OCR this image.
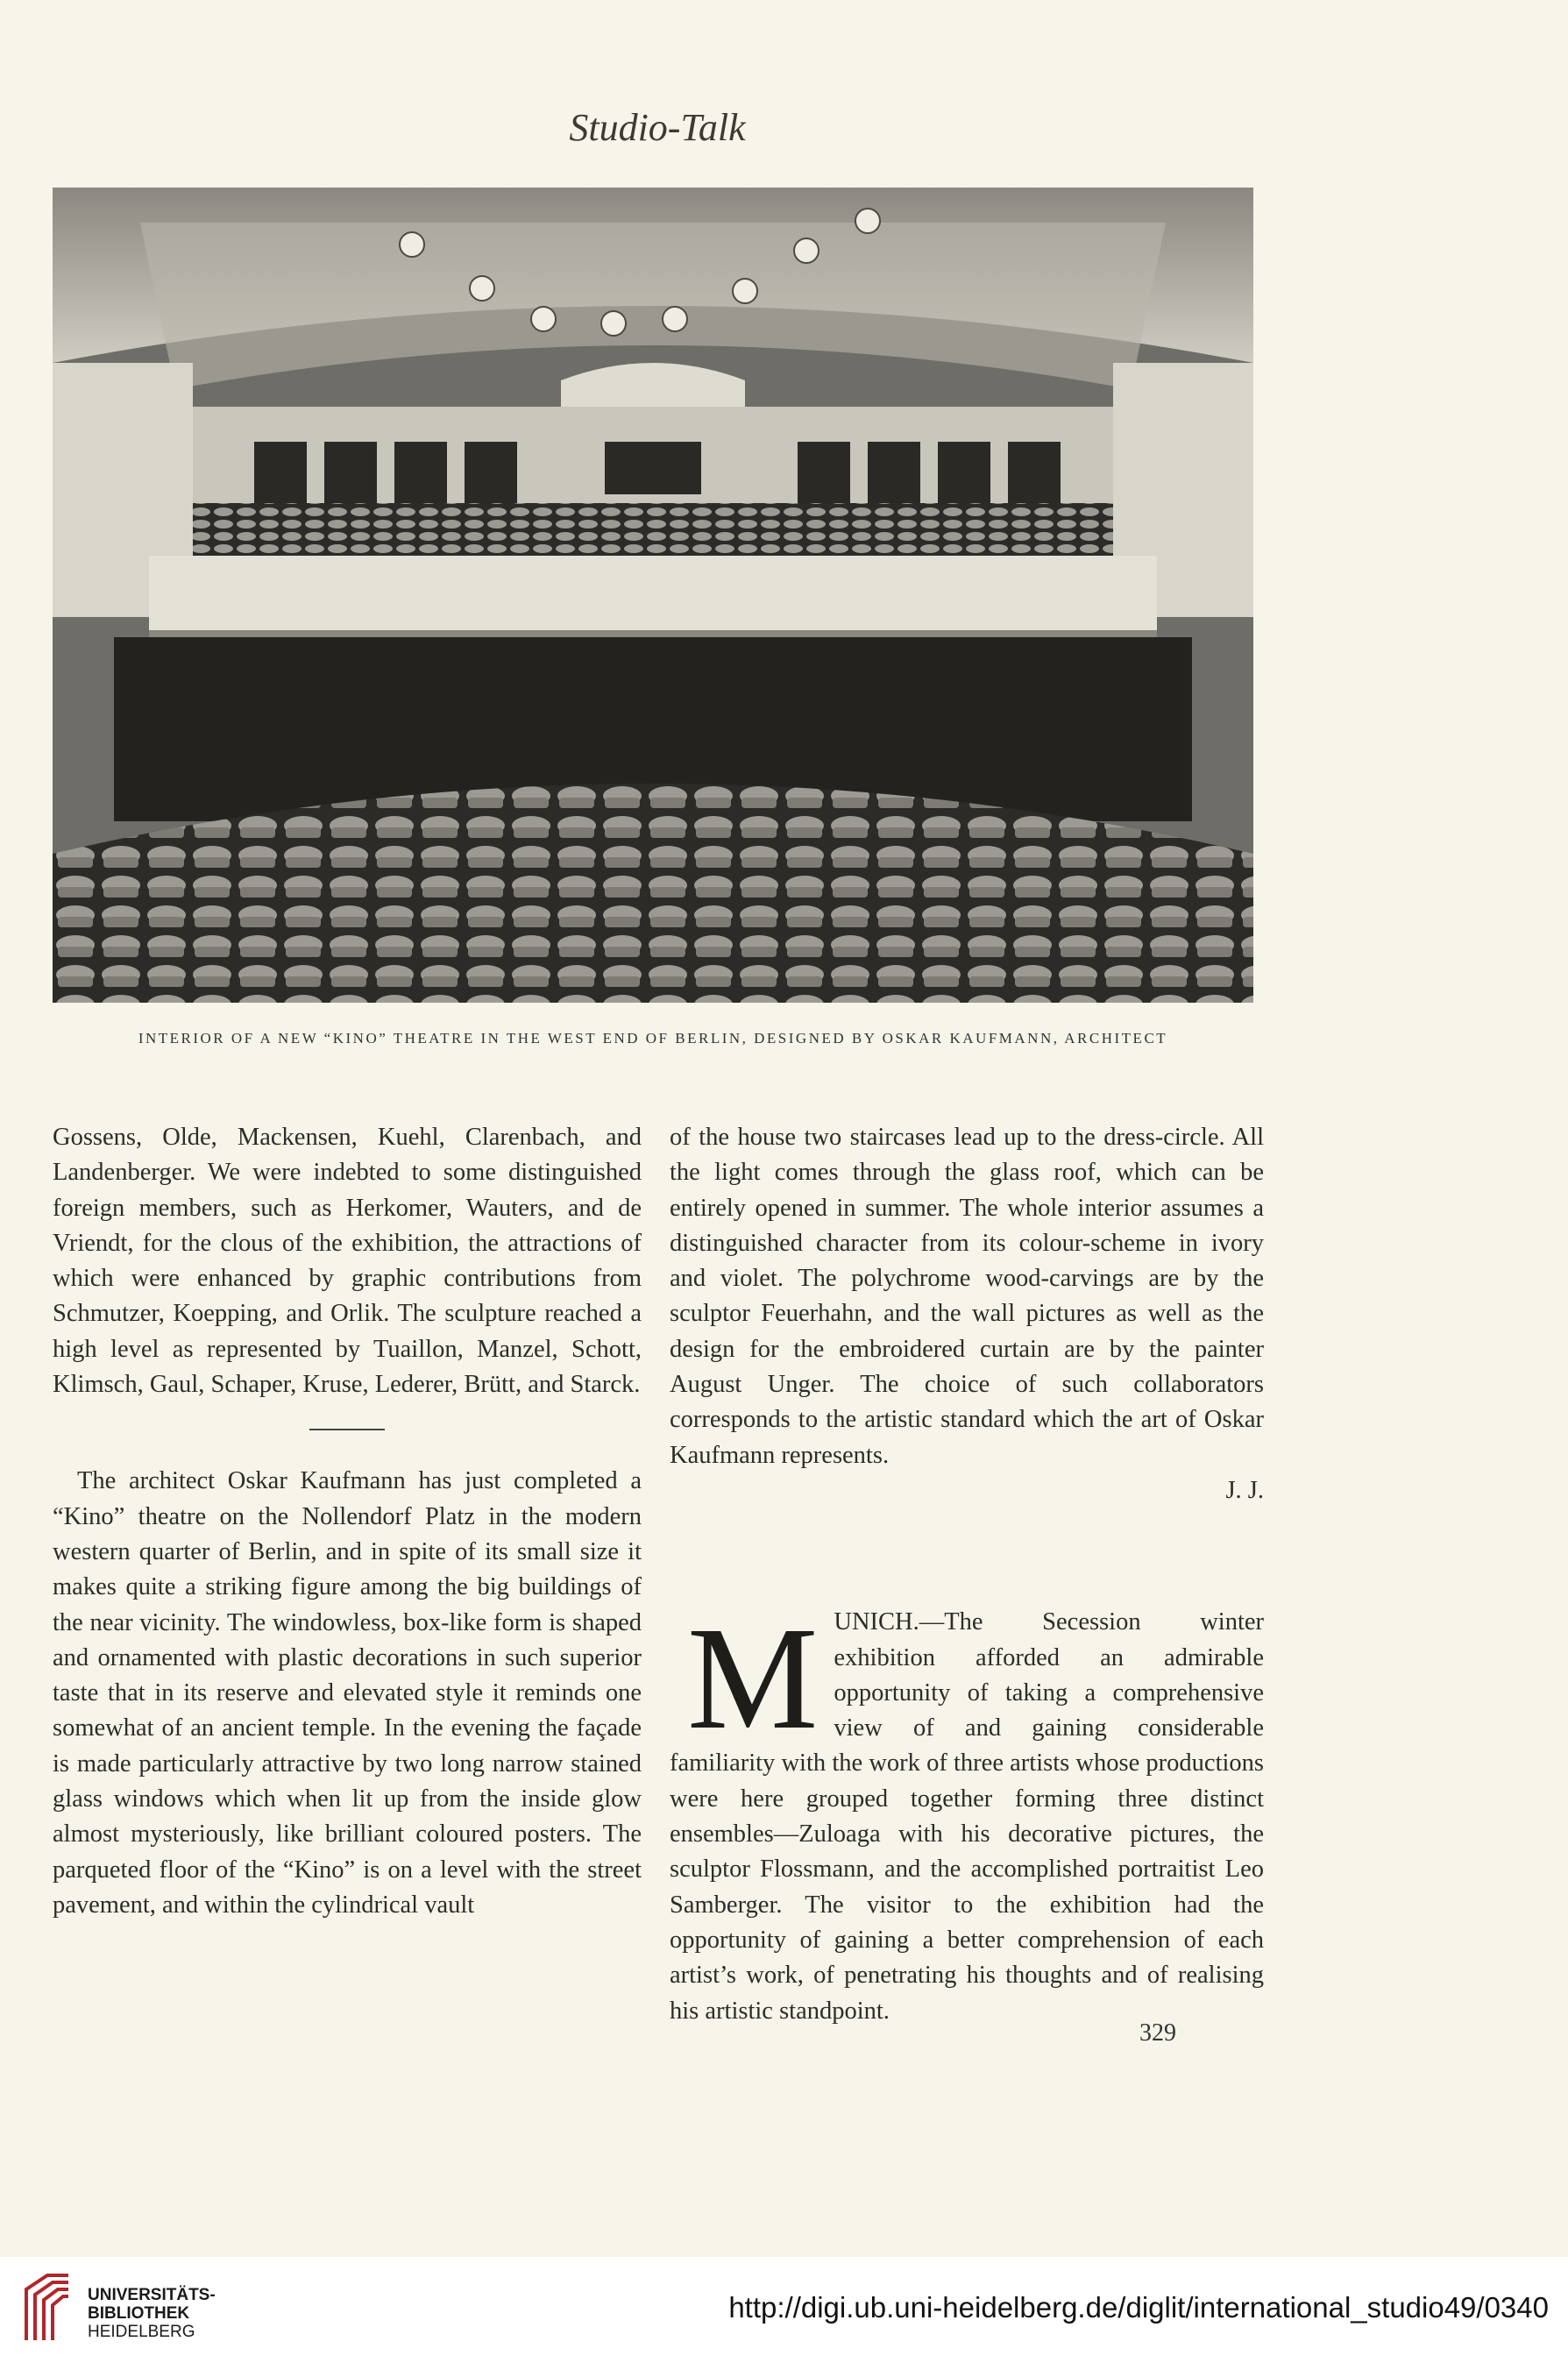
Studio-Talk
INTERIOR OF A NEW “KINO” THEATRE IN THE WEST END OF BERLIN, DESIGNED BY OSKAR KAUFMANN, ARCHITECT

Gossens, Olde, Mackensen, Kuehl, Clarenbach, and Landenberger. We were indebted to some distinguished foreign members, such as Herkomer, Wauters, and de Vriendt, for the clous of the exhibition, the attractions of which were enhanced by graphic contributions from Schmutzer, Koepping, and Orlik. The sculpture reached a high level as represented by Tuaillon, Manzel, Schott, Klimsch, Gaul, Schaper, Kruse, Lederer, Brütt, and Starck.

The architect Oskar Kaufmann has just completed a “Kino” theatre on the Nollendorf Platz in the modern western quarter of Berlin, and in spite of its small size it makes quite a striking figure among the big buildings of the near vicinity. The windowless, box-like form is shaped and ornamented with plastic decorations in such superior taste that in its reserve and elevated style it reminds one somewhat of an ancient temple. In the evening the façade is made particularly attractive by two long narrow stained glass windows which when lit up from the inside glow almost mysteriously, like brilliant coloured posters. The parqueted floor of the “Kino” is on a level with the street pavement, and within the cylindrical vault

of the house two staircases lead up to the dress-circle. All the light comes through the glass roof, which can be entirely opened in summer. The whole interior assumes a distinguished character from its colour-scheme in ivory and violet. The polychrome wood-carvings are by the sculptor Feuerhahn, and the wall pictures as well as the design for the embroidered curtain are by the painter August Unger. The choice of such collaborators corresponds to the artistic standard which the art of Oskar Kaufmann represents.

J. J.

M UNICH.—The Secession winter exhibition afforded an admirable opportunity of taking a comprehensive view of and gaining considerable familiarity with the work of three artists whose productions were here grouped together forming three distinct ensembles—Zuloaga with his decorative pictures, the sculptor Flossmann, and the accomplished portraitist Leo Samberger. The visitor to the exhibition had the opportunity of gaining a better comprehension of each artist’s work, of penetrating his thoughts and of realising his artistic standpoint.

329
UNIVERSITÄTS-
BIBLIOTHEK
HEIDELBERG
http://digi.ub.uni-heidelberg.de/diglit/international_studio49/0340
